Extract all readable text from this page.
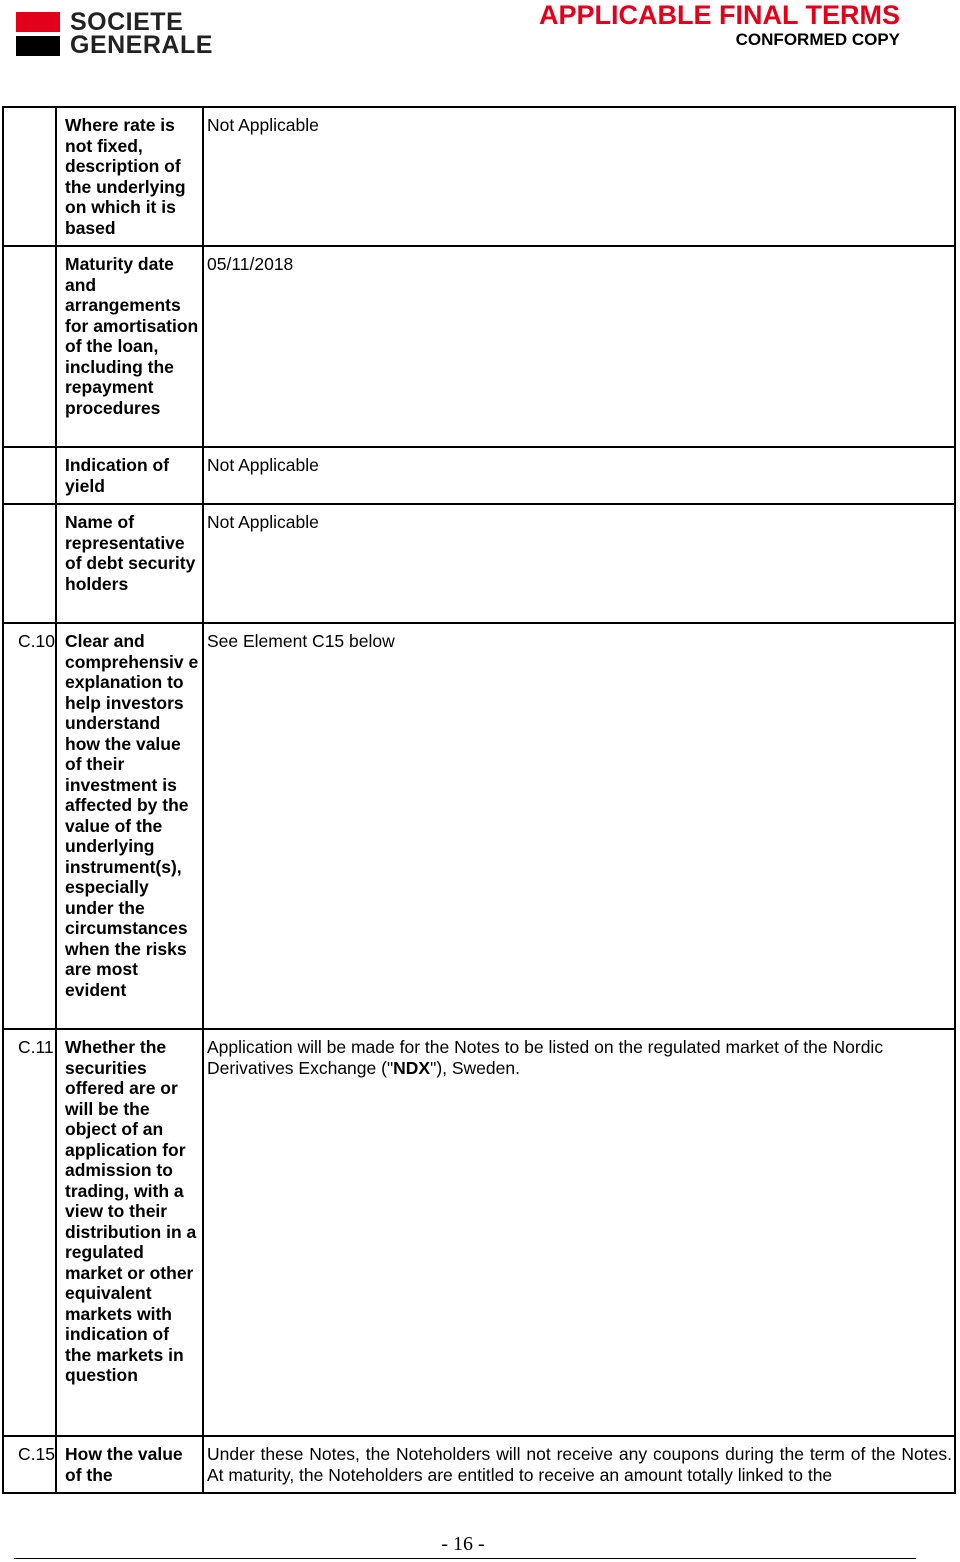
SOCIETE
GENERALE
APPLICABLE FINAL TERMS
CONFORMED COPY
	Where rate is not fixed, description of the underlying on which it is based	Not Applicable
	Maturity date and arrangements for amortisation of the loan, including the repayment procedures	05/11/2018
	Indication of yield	Not Applicable
	Name of representative of debt security holders	Not Applicable
C.10	Clear and comprehensiv e explanation to help investors understand how the value of their investment is affected by the value of the underlying instrument(s), especially under the circumstances when the risks are most evident	See Element C15 below
C.11	Whether the securities offered are or will be the object of an application for admission to trading, with a view to their distribution in a regulated market or other equivalent markets with indication of the markets in question	Application will be made for the Notes to be listed on the regulated market of the Nordic Derivatives Exchange ("NDX"), Sweden.
C.15	How the value of the	Under these Notes, the Noteholders will not receive any coupons during the term of the Notes. At maturity, the Noteholders are entitled to receive an amount totally linked to the
- 16 -
